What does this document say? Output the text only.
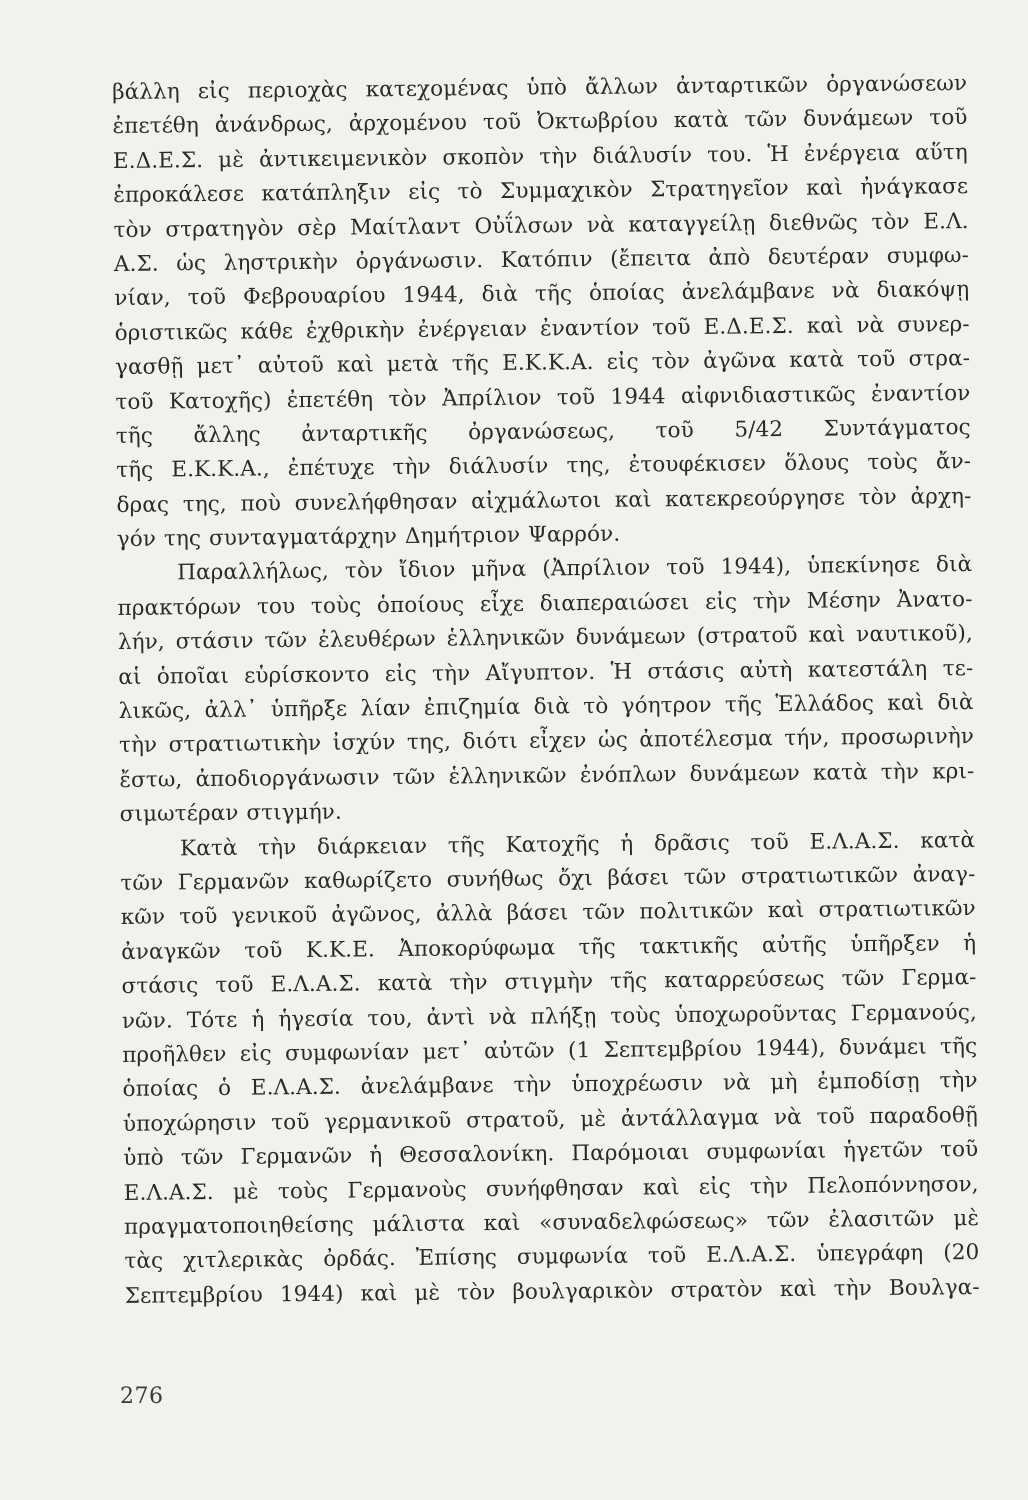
βάλλη εἰς περιοχὰς κατεχομένας ὑπὸ ἄλλων ἀνταρτικῶν ὀργανώσεων
ἐπετέθη ἀνάνδρως, ἀρχομένου τοῦ Ὀκτωβρίου κατὰ τῶν δυνάμεων τοῦ
Ε.Δ.Ε.Σ. μὲ ἀντικειμενικὸν σκοπὸν τὴν διάλυσίν του. Ἡ ἐνέργεια αὕτη
ἐπροκάλεσε κατάπληξιν εἰς τὸ Συμμαχικὸν Στρατηγεῖον καὶ ἠνάγκασε
τὸν στρατηγὸν σὲρ Μαίτλαντ Οὐΐλσων νὰ καταγγείλῃ διεθνῶς τὸν Ε.Λ.
Α.Σ. ὡς ληστρικὴν ὀργάνωσιν. Κατόπιν (ἔπειτα ἀπὸ δευτέραν συμφω-
νίαν, τοῦ Φεβρουαρίου 1944, διὰ τῆς ὁποίας ἀνελάμβανε νὰ διακόψῃ
ὁριστικῶς κάθε ἐχθρικὴν ἐνέργειαν ἐναντίον τοῦ Ε.Δ.Ε.Σ. καὶ νὰ συνερ-
γασθῇ μετ᾿ αὐτοῦ καὶ μετὰ τῆς Ε.Κ.Κ.Α. εἰς τὸν ἀγῶνα κατὰ τοῦ στρα-
τοῦ Κατοχῆς) ἐπετέθη τὸν Ἀπρίλιον τοῦ 1944 αἰφνιδιαστικῶς ἐναντίον
τῆς ἄλλης ἀνταρτικῆς ὀργανώσεως, τοῦ 5/42 Συντάγματος
τῆς Ε.Κ.Κ.Α., ἐπέτυχε τὴν διάλυσίν της, ἐτουφέκισεν ὅλους τοὺς ἄν-
δρας της, ποὺ συνελήφθησαν αἰχμάλωτοι καὶ κατεκρεούργησε τὸν ἀρχη-
γόν της συνταγματάρχην Δημήτριον Ψαρρόν.
Παραλλήλως, τὸν ἴδιον μῆνα (Ἀπρίλιον τοῦ 1944), ὑπεκίνησε διὰ
πρακτόρων του τοὺς ὁποίους εἶχε διαπεραιώσει εἰς τὴν Μέσην Ἀνατο-
λήν, στάσιν τῶν ἐλευθέρων ἑλληνικῶν δυνάμεων (στρατοῦ καὶ ναυτικοῦ),
αἱ ὁποῖαι εὑρίσκοντο εἰς τὴν Αἴγυπτον. Ἡ στάσις αὐτὴ κατεστάλη τε-
λικῶς, ἀλλ᾿ ὑπῆρξε λίαν ἐπιζημία διὰ τὸ γόητρον τῆς Ἑλλάδος καὶ διὰ
τὴν στρατιωτικὴν ἰσχύν της, διότι εἶχεν ὡς ἀποτέλεσμα τήν, προσωρινὴν
ἔστω, ἀποδιοργάνωσιν τῶν ἑλληνικῶν ἐνόπλων δυνάμεων κατὰ τὴν κρι-
σιμωτέραν στιγμήν.
Κατὰ τὴν διάρκειαν τῆς Κατοχῆς ἡ δρᾶσις τοῦ Ε.Λ.Α.Σ. κατὰ
τῶν Γερμανῶν καθωρίζετο συνήθως ὄχι βάσει τῶν στρατιωτικῶν ἀναγ-
κῶν τοῦ γενικοῦ ἀγῶνος, ἀλλὰ βάσει τῶν πολιτικῶν καὶ στρατιωτικῶν
ἀναγκῶν τοῦ Κ.Κ.Ε. Ἀποκορύφωμα τῆς τακτικῆς αὐτῆς ὑπῆρξεν ἡ
στάσις τοῦ Ε.Λ.Α.Σ. κατὰ τὴν στιγμὴν τῆς καταρρεύσεως τῶν Γερμα-
νῶν. Τότε ἡ ἡγεσία του, ἀντὶ νὰ πλήξῃ τοὺς ὑποχωροῦντας Γερμανούς,
προῆλθεν εἰς συμφωνίαν μετ᾿ αὐτῶν (1 Σεπτεμβρίου 1944), δυνάμει τῆς
ὁποίας ὁ Ε.Λ.Α.Σ. ἀνελάμβανε τὴν ὑποχρέωσιν νὰ μὴ ἐμποδίσῃ τὴν
ὑποχώρησιν τοῦ γερμανικοῦ στρατοῦ, μὲ ἀντάλλαγμα νὰ τοῦ παραδοθῇ
ὑπὸ τῶν Γερμανῶν ἡ Θεσσαλονίκη. Παρόμοιαι συμφωνίαι ἡγετῶν τοῦ
Ε.Λ.Α.Σ. μὲ τοὺς Γερμανοὺς συνήφθησαν καὶ εἰς τὴν Πελοπόννησον,
πραγματοποιηθείσης μάλιστα καὶ «συναδελφώσεως» τῶν ἐλασιτῶν μὲ
τὰς χιτλερικὰς ὀρδάς. Ἐπίσης συμφωνία τοῦ Ε.Λ.Α.Σ. ὑπεγράφη (20
Σεπτεμβρίου 1944) καὶ μὲ τὸν βουλγαρικὸν στρατὸν καὶ τὴν Βουλγα-
276
